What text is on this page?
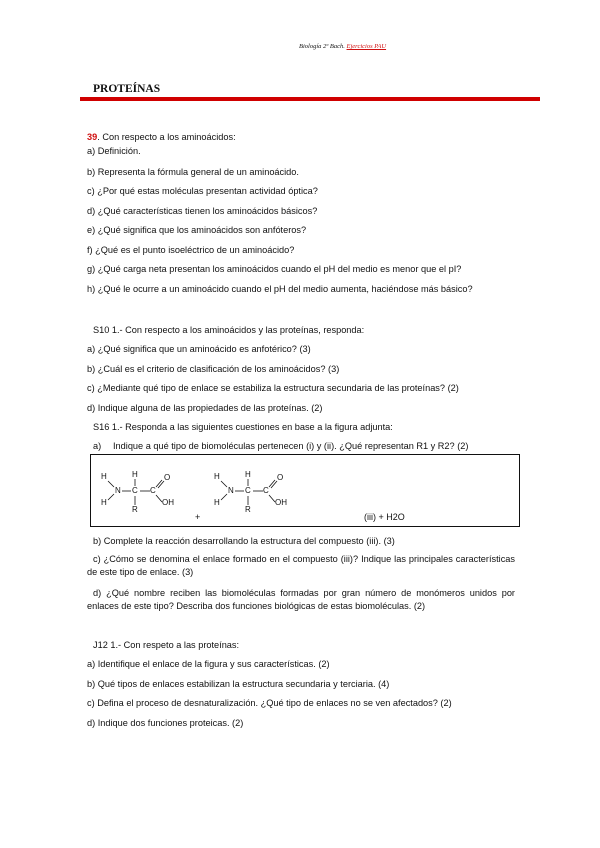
Biología 2º Bach. Ejercicios PAU
PROTEÍNAS
39. Con respecto a los aminoácidos:
a) Definición.
b) Representa la fórmula general de un aminoácido.
c) ¿Por qué estas moléculas presentan actividad óptica?
d) ¿Qué características tienen los aminoácidos básicos?
e) ¿Qué significa que los aminoácidos son anfóteros?
f) ¿Qué es el punto isoeléctrico de un aminoácido?
g) ¿Qué carga neta presentan los aminoácidos cuando el pH del medio es menor que el pI?
h) ¿Qué le ocurre a un aminoácido cuando el pH del medio aumenta, haciéndose más básico?
S10 1.- Con respecto a los aminoácidos y las proteínas, responda:
a) ¿Qué significa que un aminoácido es anfotérico? (3)
b) ¿Cuál es el criterio de clasificación de los aminoácidos? (3)
c) ¿Mediante qué tipo de enlace se estabiliza la estructura secundaria de las proteínas? (2)
d) Indique alguna de las propiedades de las proteínas. (2)
S16 1.- Responda a las siguientes cuestiones en base a la figura adjunta:
a) Indique a qué tipo de biomoléculas pertenecen (i) y (ii). ¿Qué representan R1 y R2? (2)
H
H
N
H
C
R
C
O
OH
H
H
N
H
C
R
C
O
OH
+	(iii) + H2O
b) Complete la reacción desarrollando la estructura del compuesto (iii). (3)
c) ¿Cómo se denomina el enlace formado en el compuesto (iii)? Indique las principales características de este tipo de enlace. (3)
d) ¿Qué nombre reciben las biomoléculas formadas por gran número de monómeros unidos por enlaces de este tipo? Describa dos funciones biológicas de estas biomoléculas. (2)
J12 1.- Con respeto a las proteínas:
a) Identifique el enlace de la figura y sus características. (2)
b) Qué tipos de enlaces estabilizan la estructura secundaria y terciaria. (4)
c) Defina el proceso de desnaturalización. ¿Qué tipo de enlaces no se ven afectados? (2)
d) Indique dos funciones proteicas. (2)
